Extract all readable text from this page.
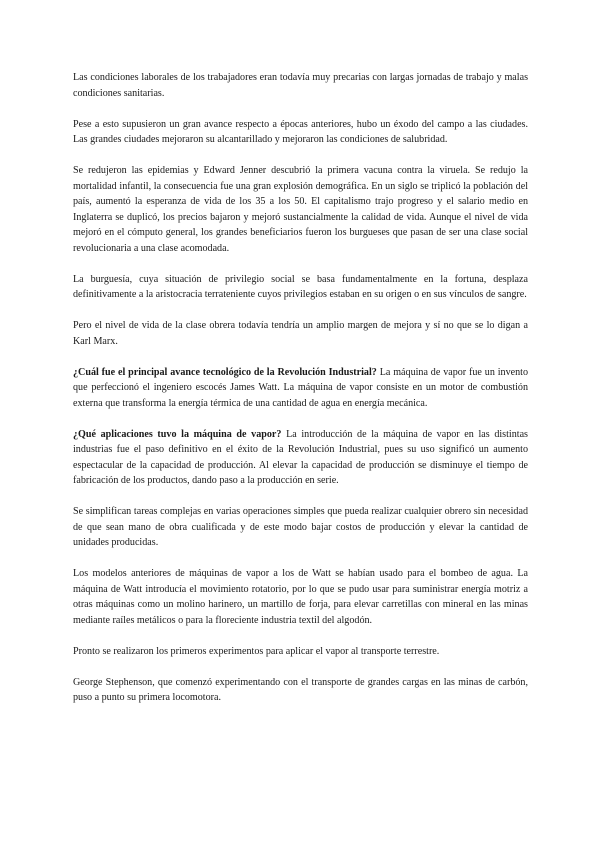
Las condiciones laborales de los trabajadores eran todavía muy precarias con largas jornadas de trabajo y malas condiciones sanitarias.

Pese a esto supusieron un gran avance respecto a épocas anteriores, hubo un éxodo del campo a las ciudades. Las grandes ciudades mejoraron su alcantarillado y mejoraron las condiciones de salubridad.

Se redujeron las epidemias y Edward Jenner descubrió la primera vacuna contra la viruela. Se redujo la mortalidad infantil, la consecuencia fue una gran explosión demográfica. En un siglo se triplicó la población del país, aumentó la esperanza de vida de los 35 a los 50. El capitalismo trajo progreso y el salario medio en Inglaterra se duplicó, los precios bajaron y mejoró sustancialmente la calidad de vida. Aunque el nivel de vida mejoró en el cómputo general, los grandes beneficiarios fueron los burgueses que pasan de ser una clase social revolucionaria a una clase acomodada.

La burguesía, cuya situación de privilegio social se basa fundamentalmente en la fortuna, desplaza definitivamente a la aristocracia terrateniente cuyos privilegios estaban en su origen o en sus vínculos de sangre.

Pero el nivel de vida de la clase obrera todavía tendría un amplio margen de mejora y sí no que se lo digan a Karl Marx.

¿Cuál fue el principal avance tecnológico de la Revolución Industrial? La máquina de vapor fue un invento que perfeccionó el ingeniero escocés James Watt. La máquina de vapor consiste en un motor de combustión externa que transforma la energía térmica de una cantidad de agua en energía mecánica.

¿Qué aplicaciones tuvo la máquina de vapor? La introducción de la máquina de vapor en las distintas industrias fue el paso definitivo en el éxito de la Revolución Industrial, pues su uso significó un aumento espectacular de la capacidad de producción. Al elevar la capacidad de producción se disminuye el tiempo de fabricación de los productos, dando paso a la producción en serie.

Se simplifican tareas complejas en varias operaciones simples que pueda realizar cualquier obrero sin necesidad de que sean mano de obra cualificada y de este modo bajar costos de producción y elevar la cantidad de unidades producidas.

Los modelos anteriores de máquinas de vapor a los de Watt se habían usado para el bombeo de agua. La máquina de Watt introducía el movimiento rotatorio, por lo que se pudo usar para suministrar energía motriz a otras máquinas como un molino harinero, un martillo de forja, para elevar carretillas con mineral en las minas mediante raíles metálicos o para la floreciente industria textil del algodón.

Pronto se realizaron los primeros experimentos para aplicar el vapor al transporte terrestre.

George Stephenson, que comenzó experimentando con el transporte de grandes cargas en las minas de carbón, puso a punto su primera locomotora.
